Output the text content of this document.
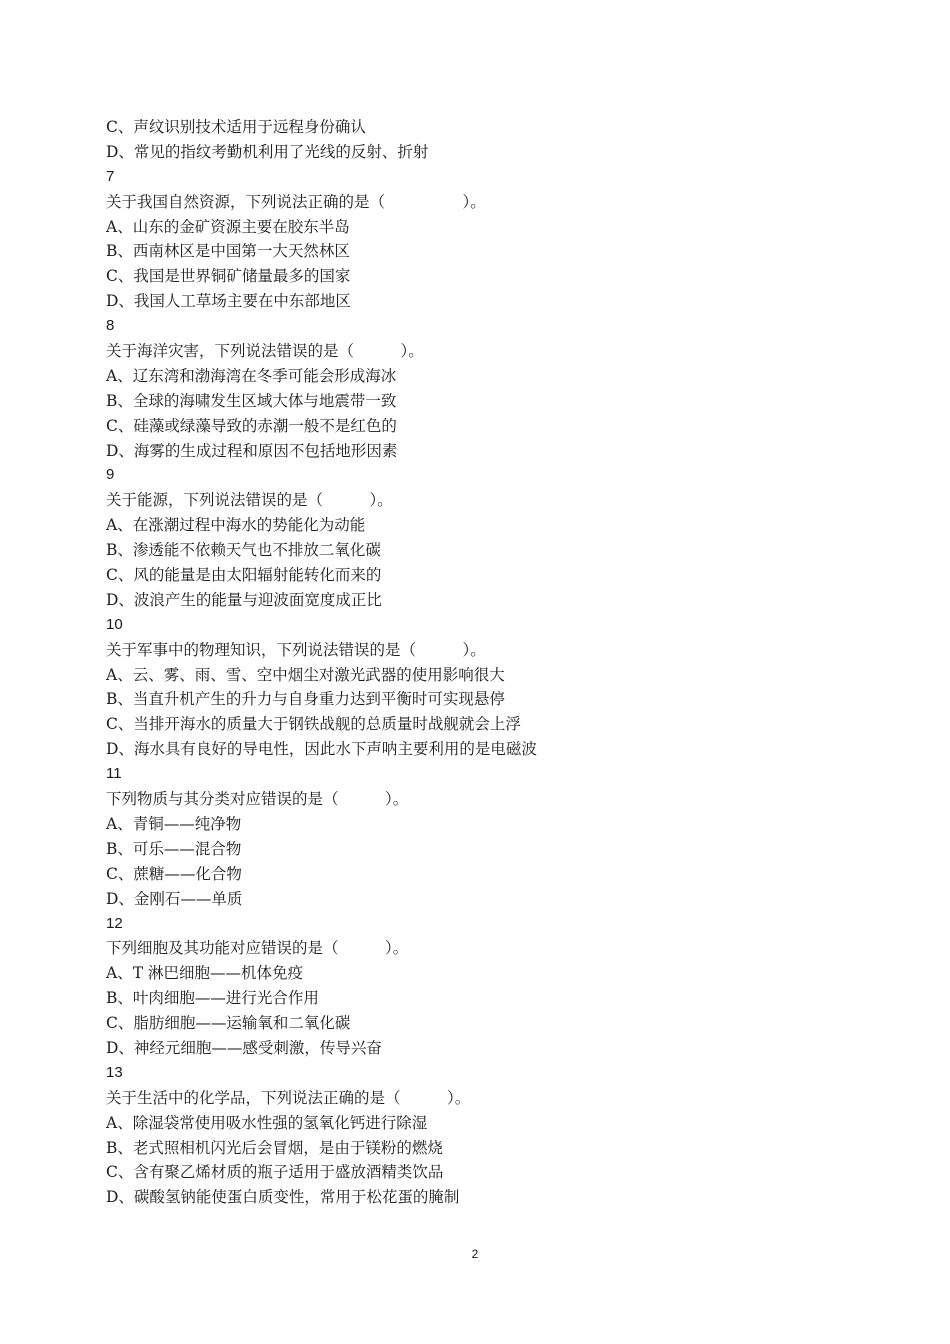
C、声纹识别技术适用于远程身份确认
D、常见的指纹考勤机利用了光线的反射、折射
7
关于我国自然资源，下列说法正确的是（　　　　　）。
A、山东的金矿资源主要在胶东半岛
B、西南林区是中国第一大天然林区
C、我国是世界铜矿储量最多的国家
D、我国人工草场主要在中东部地区
8
关于海洋灾害，下列说法错误的是（　　　）。
A、辽东湾和渤海湾在冬季可能会形成海冰
B、全球的海啸发生区域大体与地震带一致
C、硅藻或绿藻导致的赤潮一般不是红色的
D、海雾的生成过程和原因不包括地形因素
9
关于能源，下列说法错误的是（　　　）。
A、在涨潮过程中海水的势能化为动能
B、渗透能不依赖天气也不排放二氧化碳
C、风的能量是由太阳辐射能转化而来的
D、波浪产生的能量与迎波面宽度成正比
10
关于军事中的物理知识，下列说法错误的是（　　　）。
A、云、雾、雨、雪、空中烟尘对激光武器的使用影响很大
B、当直升机产生的升力与自身重力达到平衡时可实现悬停
C、当排开海水的质量大于钢铁战舰的总质量时战舰就会上浮
D、海水具有良好的导电性，因此水下声呐主要利用的是电磁波
11
下列物质与其分类对应错误的是（　　　）。
A、青铜——纯净物
B、可乐——混合物
C、蔗糖——化合物
D、金刚石——单质
12
下列细胞及其功能对应错误的是（　　　）。
A、T 淋巴细胞——机体免疫
B、叶肉细胞——进行光合作用
C、脂肪细胞——运输氧和二氧化碳
D、神经元细胞——感受刺激，传导兴奋
13
关于生活中的化学品，下列说法正确的是（　　　）。
A、除湿袋常使用吸水性强的氢氧化钙进行除湿
B、老式照相机闪光后会冒烟，是由于镁粉的燃烧
C、含有聚乙烯材质的瓶子适用于盛放酒精类饮品
D、碳酸氢钠能使蛋白质变性，常用于松花蛋的腌制
2
